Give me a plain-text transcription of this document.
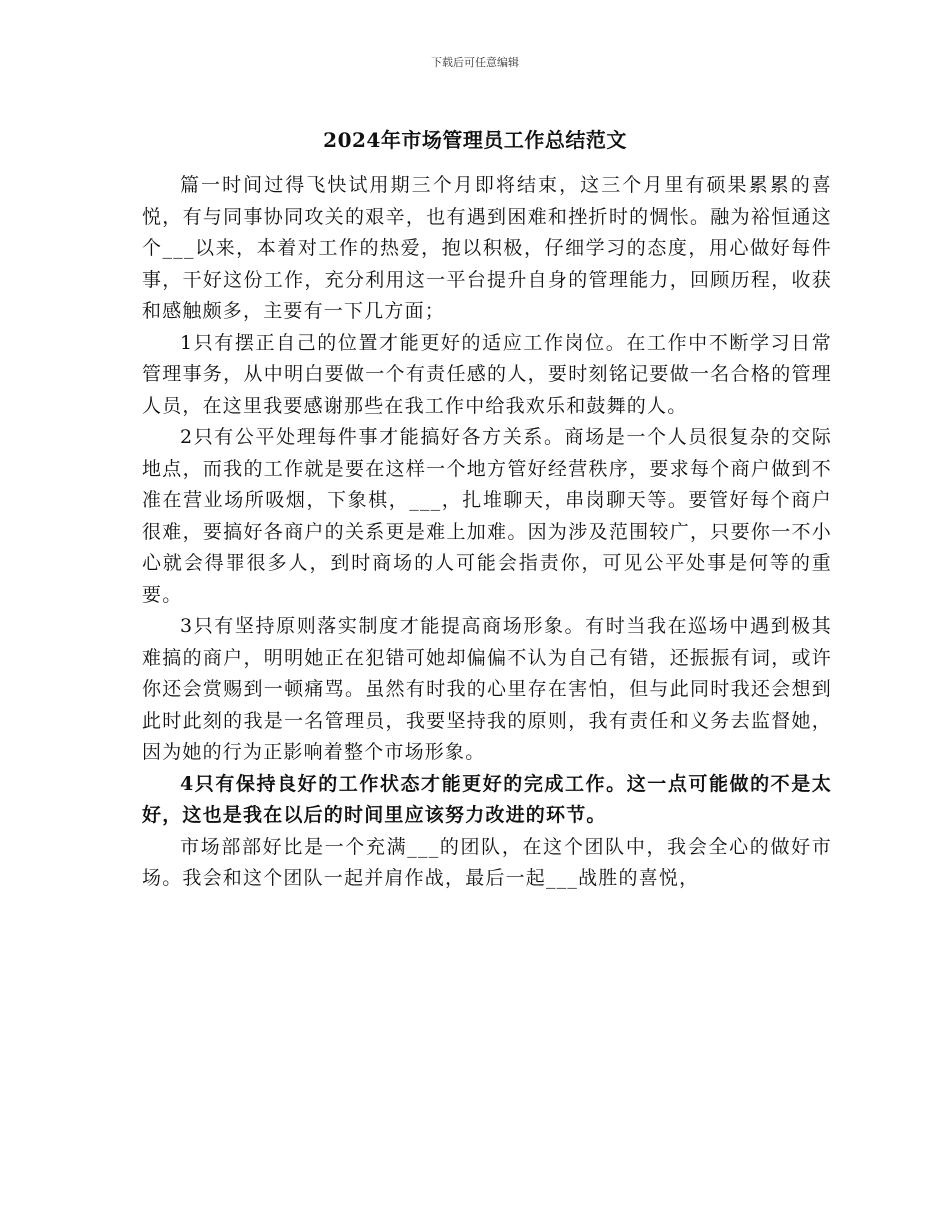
下载后可任意编辑
2024年市场管理员工作总结范文

篇一时间过得飞快试用期三个月即将结束，这三个月里有硕果累累的喜悦，有与同事协同攻关的艰辛，也有遇到困难和挫折时的惆怅。融为裕恒通这个___以来，本着对工作的热爱，抱以积极，仔细学习的态度，用心做好每件事，干好这份工作，充分利用这一平台提升自身的管理能力，回顾历程，收获和感触颇多，主要有一下几方面；

1只有摆正自己的位置才能更好的适应工作岗位。在工作中不断学习日常管理事务，从中明白要做一个有责任感的人，要时刻铭记要做一名合格的管理人员，在这里我要感谢那些在我工作中给我欢乐和鼓舞的人。

2只有公平处理每件事才能搞好各方关系。商场是一个人员很复杂的交际地点，而我的工作就是要在这样一个地方管好经营秩序，要求每个商户做到不准在营业场所吸烟，下象棋，___，扎堆聊天，串岗聊天等。要管好每个商户很难，要搞好各商户的关系更是难上加难。因为涉及范围较广，只要你一不小心就会得罪很多人，到时商场的人可能会指责你，可见公平处事是何等的重要。

3只有坚持原则落实制度才能提高商场形象。有时当我在巡场中遇到极其难搞的商户，明明她正在犯错可她却偏偏不认为自己有错，还振振有词，或许你还会赏赐到一顿痛骂。虽然有时我的心里存在害怕，但与此同时我还会想到此时此刻的我是一名管理员，我要坚持我的原则，我有责任和义务去监督她，因为她的行为正影响着整个市场形象。

4只有保持良好的工作状态才能更好的完成工作。这一点可能做的不是太好，这也是我在以后的时间里应该努力改进的环节。

市场部部好比是一个充满___的团队，在这个团队中，我会全心的做好市场。我会和这个团队一起并肩作战，最后一起___战胜的喜悦，
